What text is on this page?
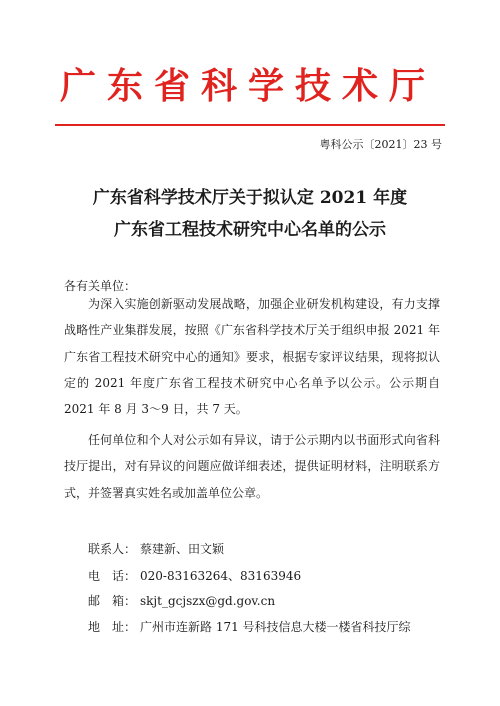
广东省科学技术厅
粤科公示〔2021〕23 号
广东省科学技术厅关于拟认定 2021 年度
广东省工程技术研究中心名单的公示
各有关单位：
为深入实施创新驱动发展战略，加强企业研发机构建设，有力支撑战略性产业集群发展，按照《广东省科学技术厅关于组织申报 2021 年广东省工程技术研究中心的通知》要求，根据专家评议结果，现将拟认定的 2021 年度广东省工程技术研究中心名单予以公示。公示期自 2021 年 8 月 3～9 日，共 7 天。
任何单位和个人对公示如有异议，请于公示期内以书面形式向省科技厅提出，对有异议的问题应做详细表述，提供证明材料，注明联系方式，并签署真实姓名或加盖单位公章。
联系人： 蔡建新、田文颖
电　话： 020-83163264、83163946
邮　箱： skjt_gcjszx@gd.gov.cn
地　址： 广州市连新路 171 号科技信息大楼一楼省科技厅综
